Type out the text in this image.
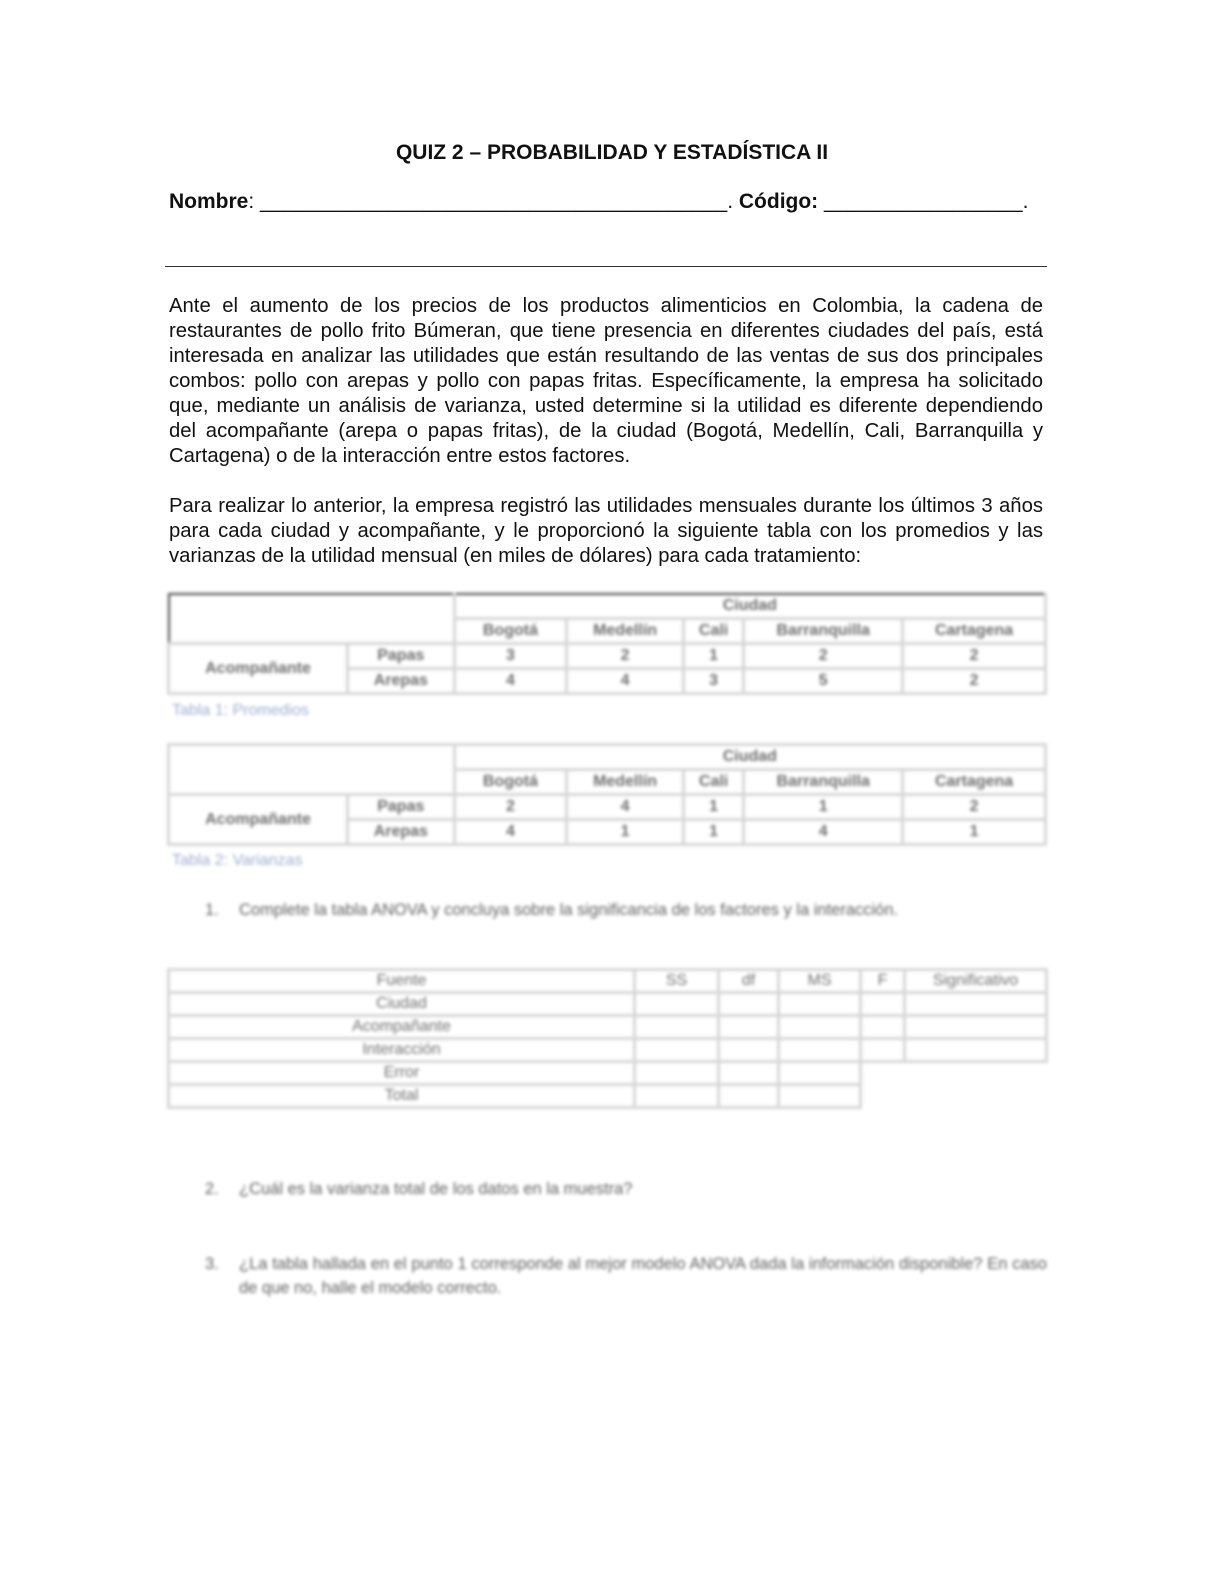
QUIZ 2 – PROBABILIDAD Y ESTADÍSTICA II
Nombre: ________________________________________. Código: _________________.
Ante el aumento de los precios de los productos alimenticios en Colombia, la cadena de restaurantes de pollo frito Búmeran, que tiene presencia en diferentes ciudades del país, está interesada en analizar las utilidades que están resultando de las ventas de sus dos principales combos: pollo con arepas y pollo con papas fritas. Específicamente, la empresa ha solicitado que, mediante un análisis de varianza, usted determine si la utilidad es diferente dependiendo del acompañante (arepa o papas fritas), de la ciudad (Bogotá, Medellín, Cali, Barranquilla y Cartagena) o de la interacción entre estos factores.
Para realizar lo anterior, la empresa registró las utilidades mensuales durante los últimos 3 años para cada ciudad y acompañante, y le proporcionó la siguiente tabla con los promedios y las varianzas de la utilidad mensual (en miles de dólares) para cada tratamiento:
		Ciudad				
		Bogotá	Medellín	Cali	Barranquilla	Cartagena
Acompañante	Papas	3	2	1	2	2
	Arepas	4	4	3	5	2
Tabla 1: Promedios
		Ciudad				
		Bogotá	Medellín	Cali	Barranquilla	Cartagena
Acompañante	Papas	2	4	1	1	2
	Arepas	4	1	1	4	1
Tabla 2: Varianzas
1. Complete la tabla ANOVA y concluya sobre la significancia de los factores y la interacción.
Fuente	SS	df	MS	F	Significativo
Ciudad					
Acompañante					
Interacción					
Error					
Total					
2. ¿Cuál es la varianza total de los datos en la muestra?
3. ¿La tabla hallada en el punto 1 corresponde al mejor modelo ANOVA dada la información disponible? En caso de que no, halle el modelo correcto.
